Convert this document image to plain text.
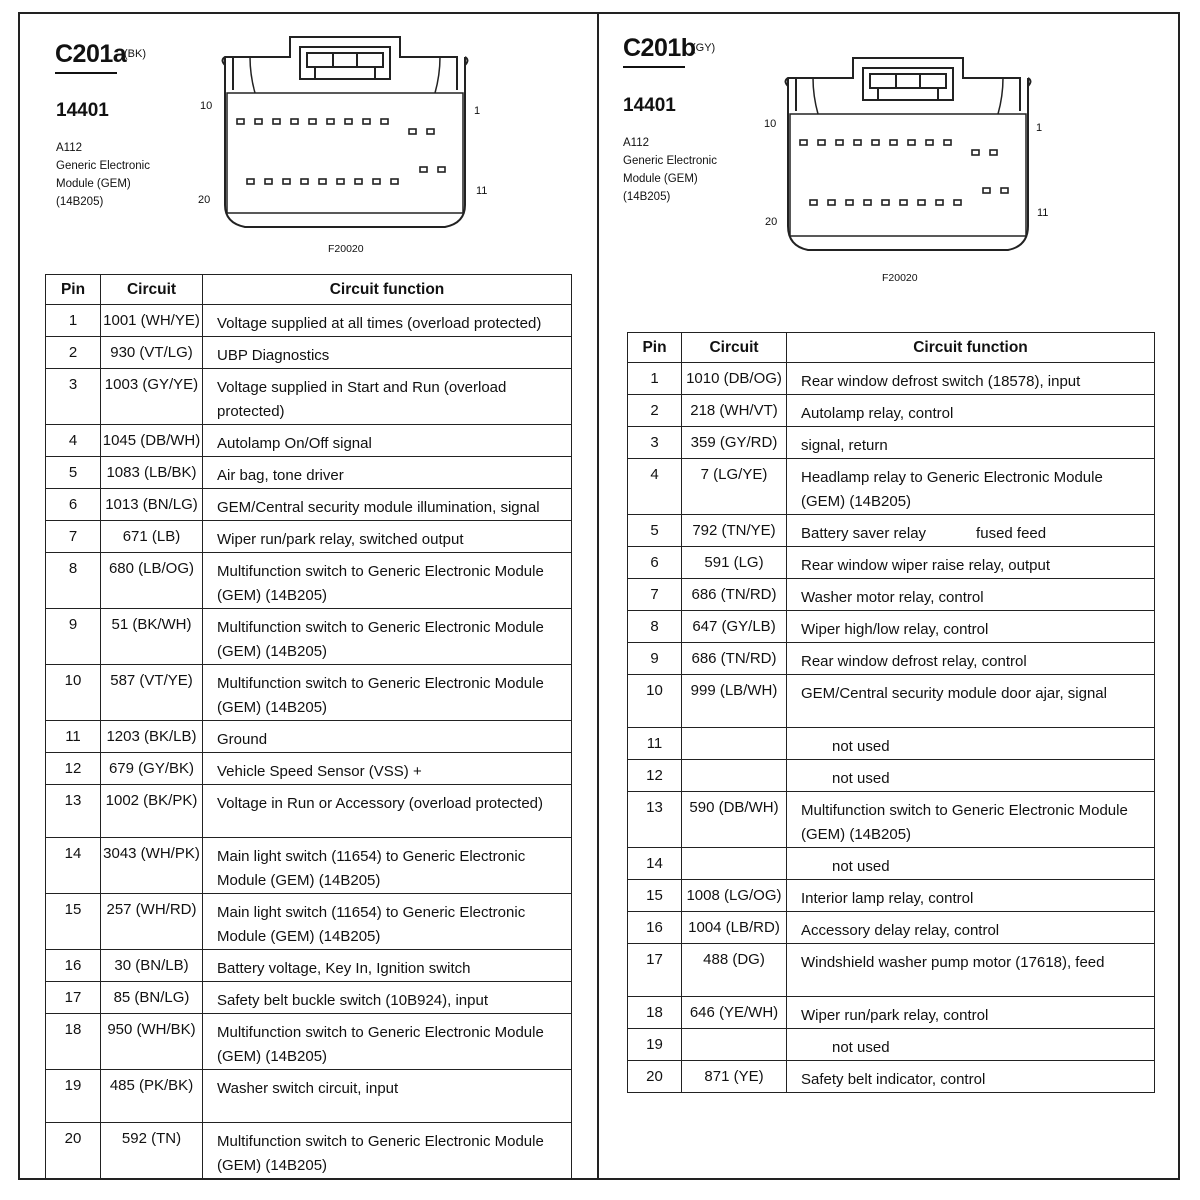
C201a
(BK)
14401
A112
Generic Electronic
Module (GEM)
(14B205)
10	1
20
11
F20020
Pin	Circuit	Circuit function
1	1001 (WH/YE)	Voltage supplied at all times (overload protected)
2	930 (VT/LG)	UBP Diagnostics
3	1003 (GY/YE)	Voltage supplied in Start and Run (overload protected)
4	1045 (DB/WH)	Autolamp On/Off signal
5	1083 (LB/BK)	Air bag, tone driver
6	1013 (BN/LG)	GEM/Central security module illumination, signal
7	671 (LB)	Wiper run/park relay, switched output
8	680 (LB/OG)	Multifunction switch to Generic Electronic Module (GEM) (14B205)
9	51 (BK/WH)	Multifunction switch to Generic Electronic Module (GEM) (14B205)
10	587 (VT/YE)	Multifunction switch to Generic Electronic Module (GEM) (14B205)
11	1203 (BK/LB)	Ground
12	679 (GY/BK)	Vehicle Speed Sensor (VSS) +
13	1002 (BK/PK)	Voltage in Run or Accessory (overload protected)
14	3043 (WH/PK)	Main light switch (11654) to Generic Electronic Module (GEM) (14B205)
15	257 (WH/RD)	Main light switch (11654) to Generic Electronic Module (GEM) (14B205)
16	30 (BN/LB)	Battery voltage, Key In, Ignition switch
17	85 (BN/LG)	Safety belt buckle switch (10B924), input
18	950 (WH/BK)	Multifunction switch to Generic Electronic Module (GEM) (14B205)
19	485 (PK/BK)	Washer switch circuit, input
20	592 (TN)	Multifunction switch to Generic Electronic Module (GEM) (14B205)
C201b
(GY)
14401
A112
Generic Electronic
Module (GEM)
(14B205)
10	1
20
11
F20020
Pin	Circuit	Circuit function
1	1010 (DB/OG)	Rear window defrost switch (18578), input
2	218 (WH/VT)	Autolamp relay, control
3	359 (GY/RD)	signal, return
4	7 (LG/YE)	Headlamp relay to Generic Electronic Module (GEM) (14B205)
5	792 (TN/YE)	Battery saver relay            fused feed
6	591 (LG)	Rear window wiper raise relay, output
7	686 (TN/RD)	Washer motor relay, control
8	647 (GY/LB)	Wiper high/low relay, control
9	686 (TN/RD)	Rear window defrost relay, control
10	999 (LB/WH)	GEM/Central security module door ajar, signal
11		not used
12		not used
13	590 (DB/WH)	Multifunction switch to Generic Electronic Module (GEM) (14B205)
14		not used
15	1008 (LG/OG)	Interior lamp relay, control
16	1004 (LB/RD)	Accessory delay relay, control
17	488 (DG)	Windshield washer pump motor (17618), feed
18	646 (YE/WH)	Wiper run/park relay, control
19		not used
20	871 (YE)	Safety belt indicator, control
